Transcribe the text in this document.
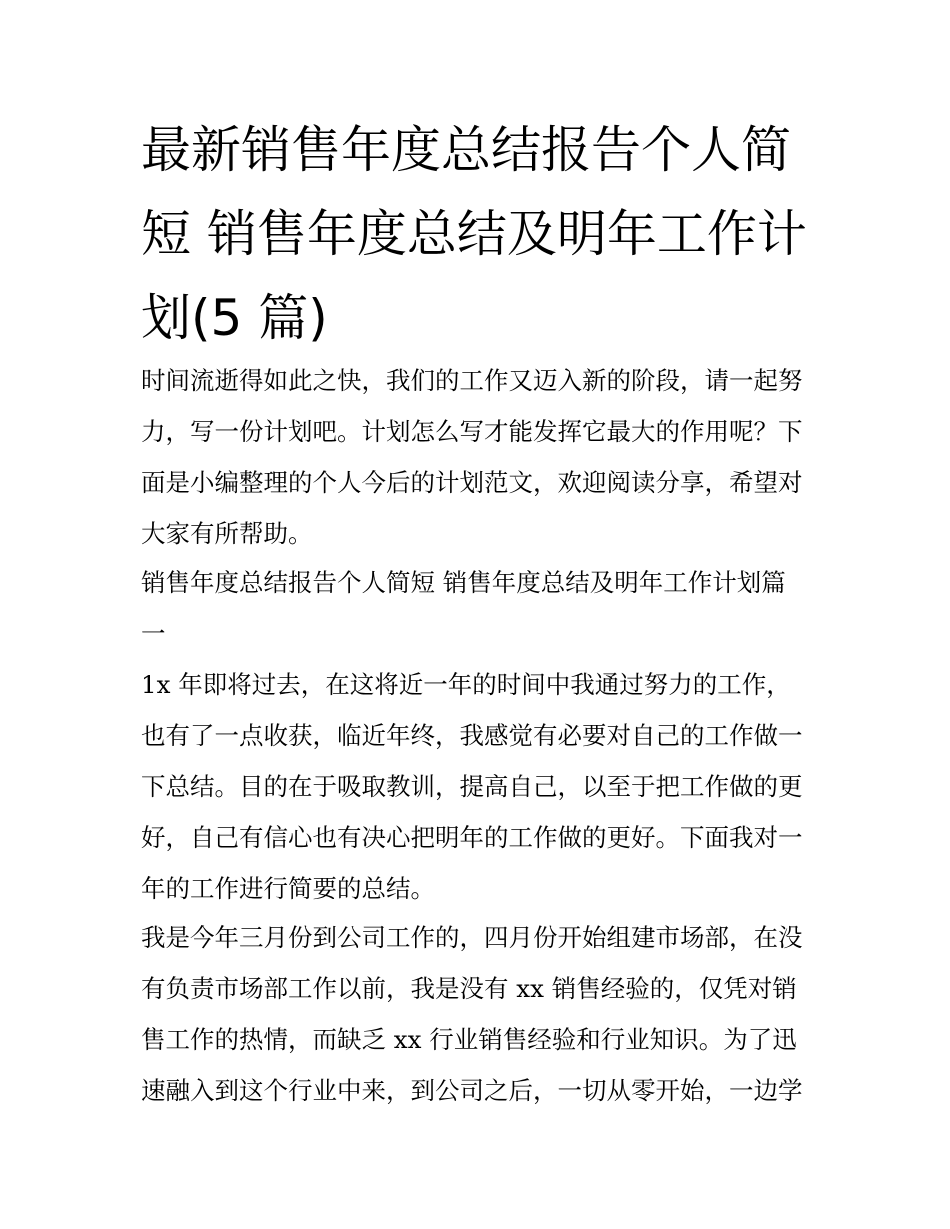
最新销售年度总结报告个人简
短 销售年度总结及明年工作计
划(5 篇)
时间流逝得如此之快，我们的工作又迈入新的阶段，请一起努
力，写一份计划吧。计划怎么写才能发挥它最大的作用呢？下
面是小编整理的个人今后的计划范文，欢迎阅读分享，希望对
大家有所帮助。
销售年度总结报告个人简短 销售年度总结及明年工作计划篇
一
1x 年即将过去，在这将近一年的时间中我通过努力的工作，
也有了一点收获，临近年终，我感觉有必要对自己的工作做一
下总结。目的在于吸取教训，提高自己，以至于把工作做的更
好，自己有信心也有决心把明年的工作做的更好。下面我对一
年的工作进行简要的总结。
我是今年三月份到公司工作的，四月份开始组建市场部，在没
有负责市场部工作以前，我是没有 xx 销售经验的，仅凭对销
售工作的热情，而缺乏 xx 行业销售经验和行业知识。为了迅
速融入到这个行业中来，到公司之后，一切从零开始，一边学
